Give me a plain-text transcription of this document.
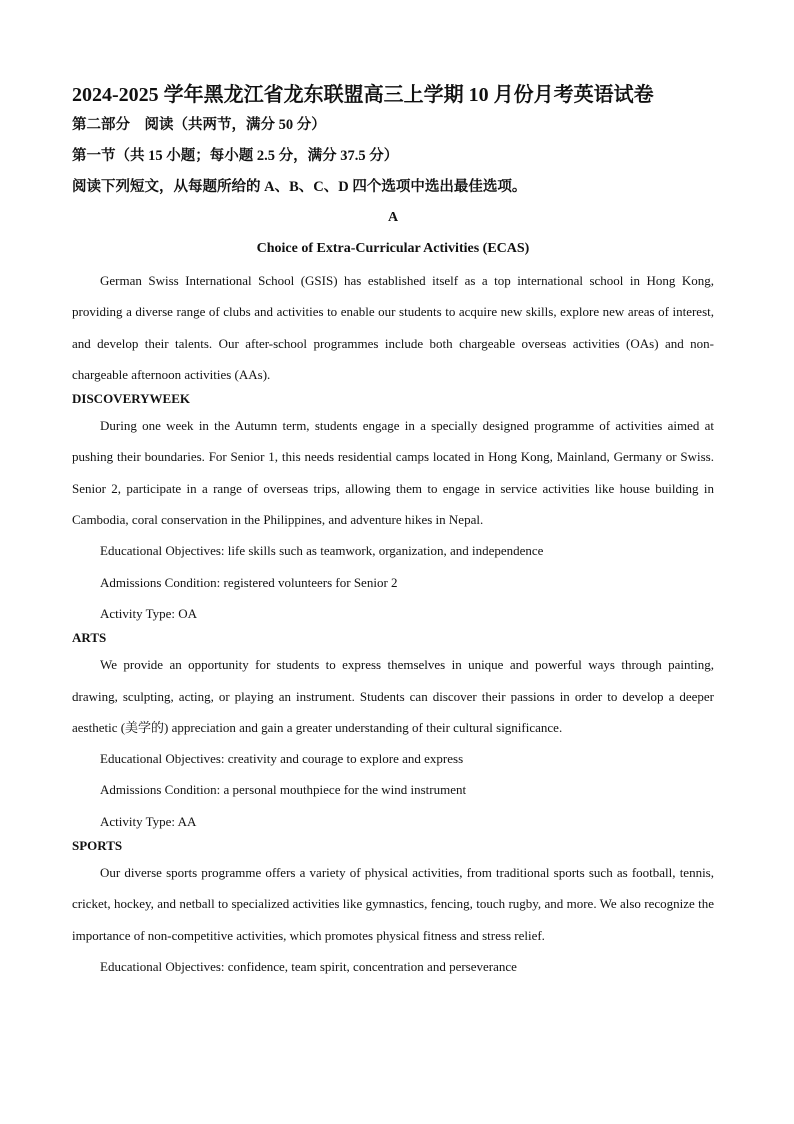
2024-2025 学年黑龙江省龙东联盟高三上学期 10 月份月考英语试卷
第二部分　阅读（共两节，满分 50 分）
第一节（共 15 小题；每小题 2.5 分，满分 37.5 分）
阅读下列短文，从每题所给的 A、B、C、D 四个选项中选出最佳选项。
A
Choice of Extra-Curricular Activities (ECAS)

German Swiss International School (GSIS) has established itself as a top international school in Hong Kong, providing a diverse range of clubs and activities to enable our students to acquire new skills, explore new areas of interest, and develop their talents. Our after-school programmes include both chargeable overseas activities (OAs) and non-chargeable afternoon activities (AAs).

DISCOVERYWEEK

During one week in the Autumn term, students engage in a specially designed programme of activities aimed at pushing their boundaries. For Senior 1, this needs residential camps located in Hong Kong, Mainland, Germany or Swiss. Senior 2, participate in a range of overseas trips, allowing them to engage in service activities like house building in Cambodia, coral conservation in the Philippines, and adventure hikes in Nepal.

Educational Objectives: life skills such as teamwork, organization, and independence
Admissions Condition: registered volunteers for Senior 2
Activity Type: OA
ARTS

We provide an opportunity for students to express themselves in unique and powerful ways through painting, drawing, sculpting, acting, or playing an instrument. Students can discover their passions in order to develop a deeper aesthetic (美学的) appreciation and gain a greater understanding of their cultural significance.

Educational Objectives: creativity and courage to explore and express
Admissions Condition: a personal mouthpiece for the wind instrument
Activity Type: AA
SPORTS

Our diverse sports programme offers a variety of physical activities, from traditional sports such as football, tennis, cricket, hockey, and netball to specialized activities like gymnastics, fencing, touch rugby, and more. We also recognize the importance of non-competitive activities, which promotes physical fitness and stress relief.

Educational Objectives: confidence, team spirit, concentration and perseverance
